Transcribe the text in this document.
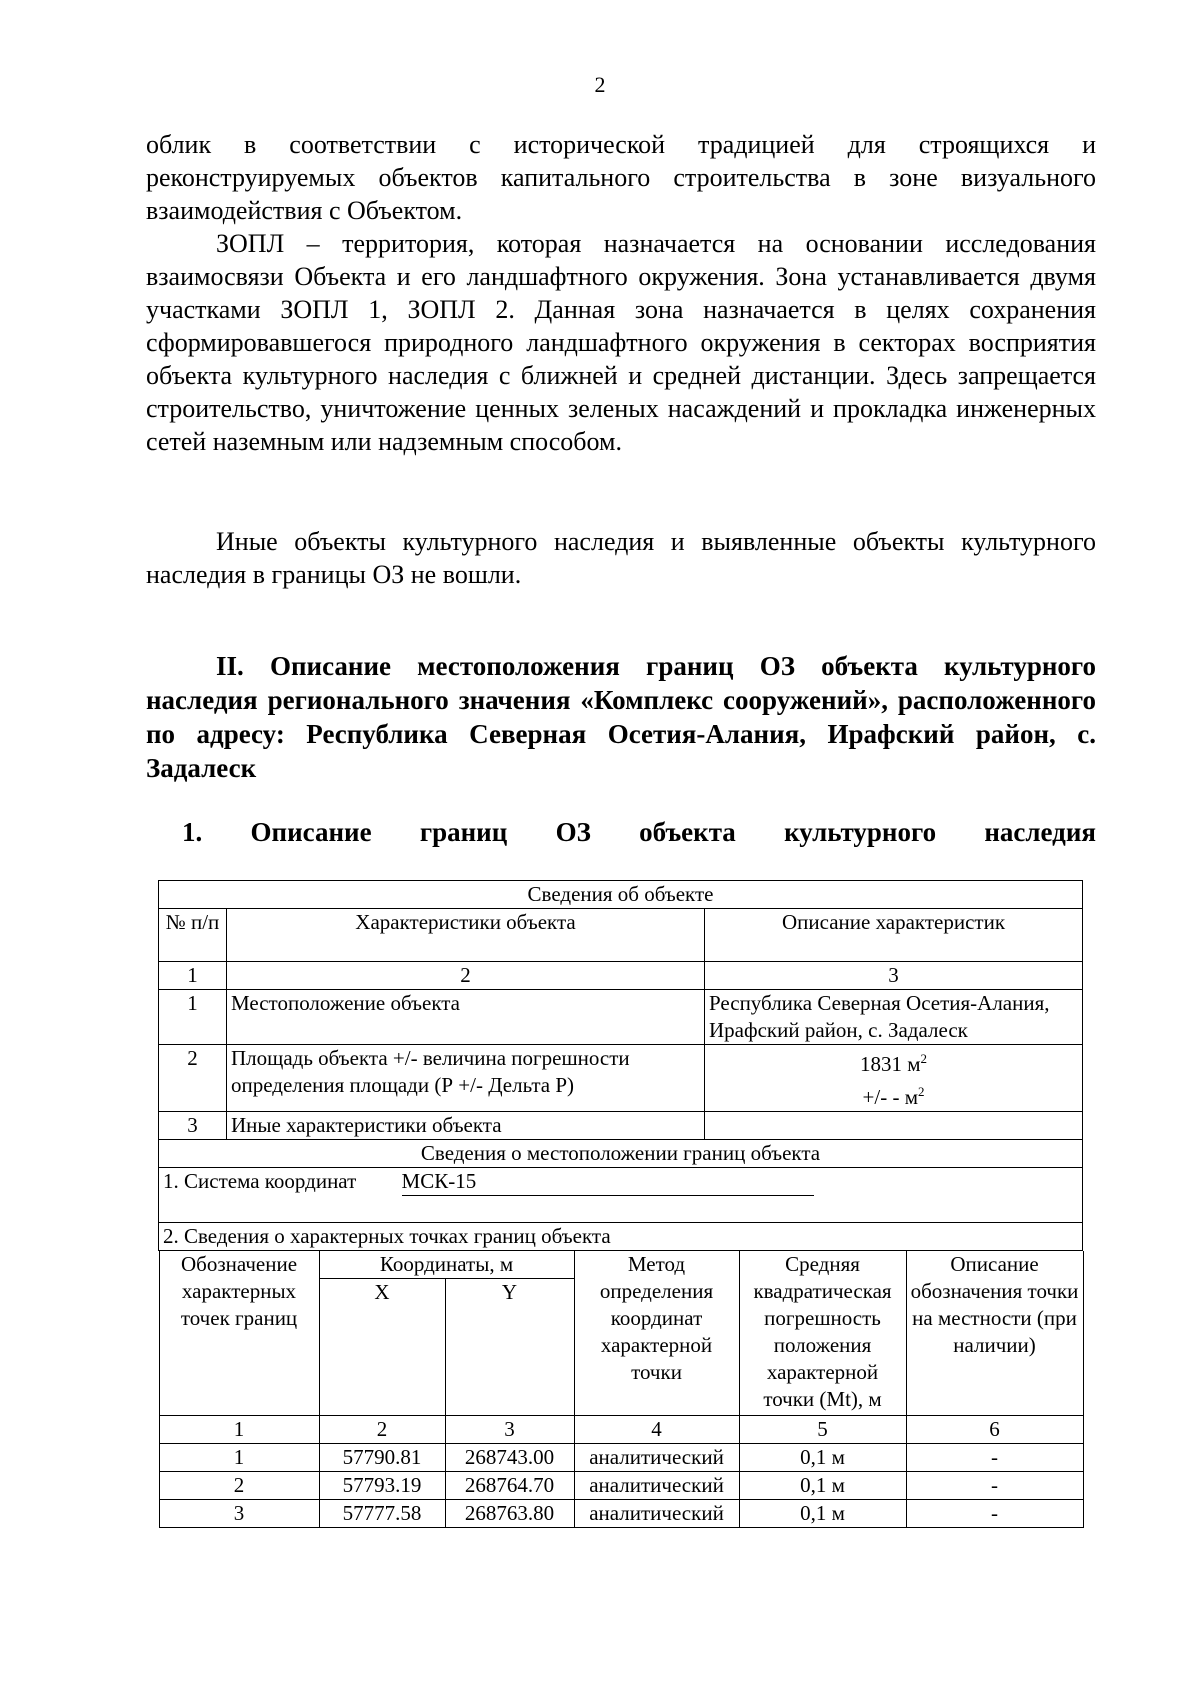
2

облик в соответствии с исторической традицией для строящихся и реконструируемых объектов капитального строительства в зоне визуального взаимодействия с Объектом.

ЗОПЛ – территория, которая назначается на основании исследования взаимосвязи Объекта и его ландшафтного окружения. Зона устанавливается двумя участками ЗОПЛ 1, ЗОПЛ 2. Данная зона назначается в целях сохранения сформировавшегося природного ландшафтного окружения в секторах восприятия объекта культурного наследия с ближней и средней дистанции. Здесь запрещается строительство, уничтожение ценных зеленых насаждений и прокладка инженерных сетей наземным или надземным способом.

Иные объекты культурного наследия и выявленные объекты культурного наследия в границы ОЗ не вошли.

II. Описание местоположения границ ОЗ объекта культурного наследия регионального значения «Комплекс сооружений», расположенного по адресу: Республика Северная Осетия-Алания, Ирафский район, с. Задалеск
1. Описание границ ОЗ объекта культурного наследия
Сведения об объекте
№ п/п	Характеристики объекта	Описание характеристик
1	2	3
1	Местоположение объекта	Республика Северная Осетия-Алания, Ирафский район, с. Задалеск
2	Площадь объекта +/- величина погрешности определения площади (Р +/- Дельта Р)	1831 $м^2$
+/- - $м^2$
3	Иные характеристики объекта	
Сведения о местоположении границ объекта
1. Система координат МСК-15
2. Сведения о характерных точках границ объекта

Обозначение характерных точек границ	Координаты, м	Метод определения координат характерной точки	Средняя квадратическая погрешность положения характерной точки (Mt), м	Описание обозначения точки на местности (при наличии)
X	Y
1	2	3	4	5	6
1	57790.81	268743.00	аналитический	0,1 м	-
2	57793.19	268764.70	аналитический	0,1 м	-
3	57777.58	268763.80	аналитический	0,1 м	-
